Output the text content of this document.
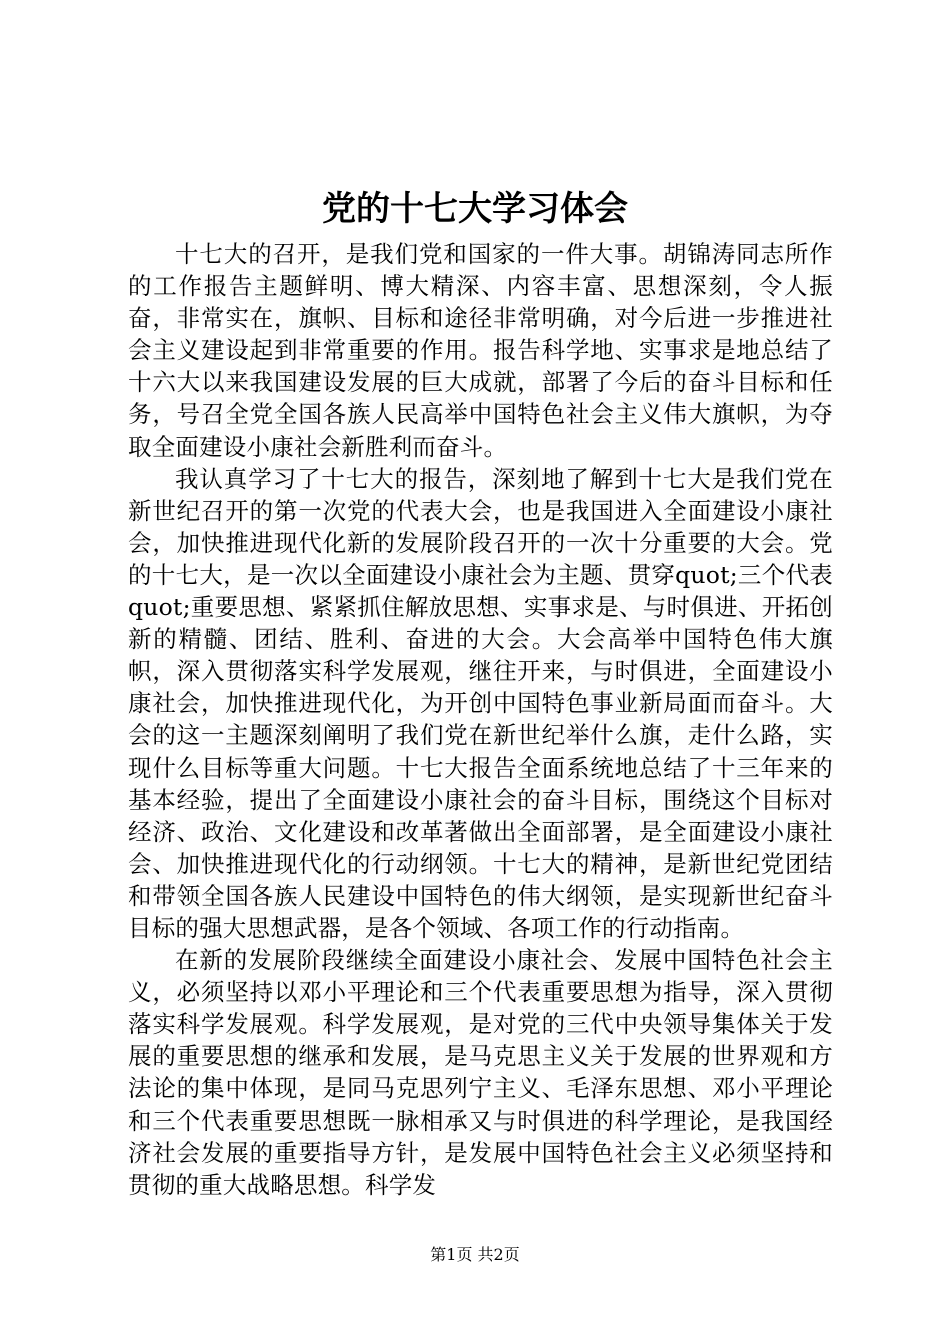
党的十七大学习体会

十七大的召开，是我们党和国家的一件大事。胡锦涛同志所作的工作报告主题鲜明、博大精深、内容丰富、思想深刻，令人振奋，非常实在，旗帜、目标和途径非常明确，对今后进一步推进社会主义建设起到非常重要的作用。报告科学地、实事求是地总结了十六大以来我国建设发展的巨大成就，部署了今后的奋斗目标和任务，号召全党全国各族人民高举中国特色社会主义伟大旗帜，为夺取全面建设小康社会新胜利而奋斗。

我认真学习了十七大的报告，深刻地了解到十七大是我们党在新世纪召开的第一次党的代表大会，也是我国进入全面建设小康社会，加快推进现代化新的发展阶段召开的一次十分重要的大会。党的十七大，是一次以全面建设小康社会为主题、贯穿quot;三个代表quot;重要思想、紧紧抓住解放思想、实事求是、与时俱进、开拓创新的精髓、团结、胜利、奋进的大会。大会高举中国特色伟大旗帜，深入贯彻落实科学发展观，继往开来，与时俱进，全面建设小康社会，加快推进现代化，为开创中国特色事业新局面而奋斗。大会的这一主题深刻阐明了我们党在新世纪举什么旗，走什么路，实现什么目标等重大问题。十七大报告全面系统地总结了十三年来的基本经验，提出了全面建设小康社会的奋斗目标，围绕这个目标对经济、政治、文化建设和改革著做出全面部署，是全面建设小康社会、加快推进现代化的行动纲领。十七大的精神，是新世纪党团结和带领全国各族人民建设中国特色的伟大纲领，是实现新世纪奋斗目标的强大思想武器，是各个领域、各项工作的行动指南。

在新的发展阶段继续全面建设小康社会、发展中国特色社会主义，必须坚持以邓小平理论和三个代表重要思想为指导，深入贯彻落实科学发展观。科学发展观，是对党的三代中央领导集体关于发展的重要思想的继承和发展，是马克思主义关于发展的世界观和方法论的集中体现，是同马克思列宁主义、毛泽东思想、邓小平理论和三个代表重要思想既一脉相承又与时俱进的科学理论，是我国经济社会发展的重要指导方针，是发展中国特色社会主义必须坚持和贯彻的重大战略思想。科学发

第1页 共2页
